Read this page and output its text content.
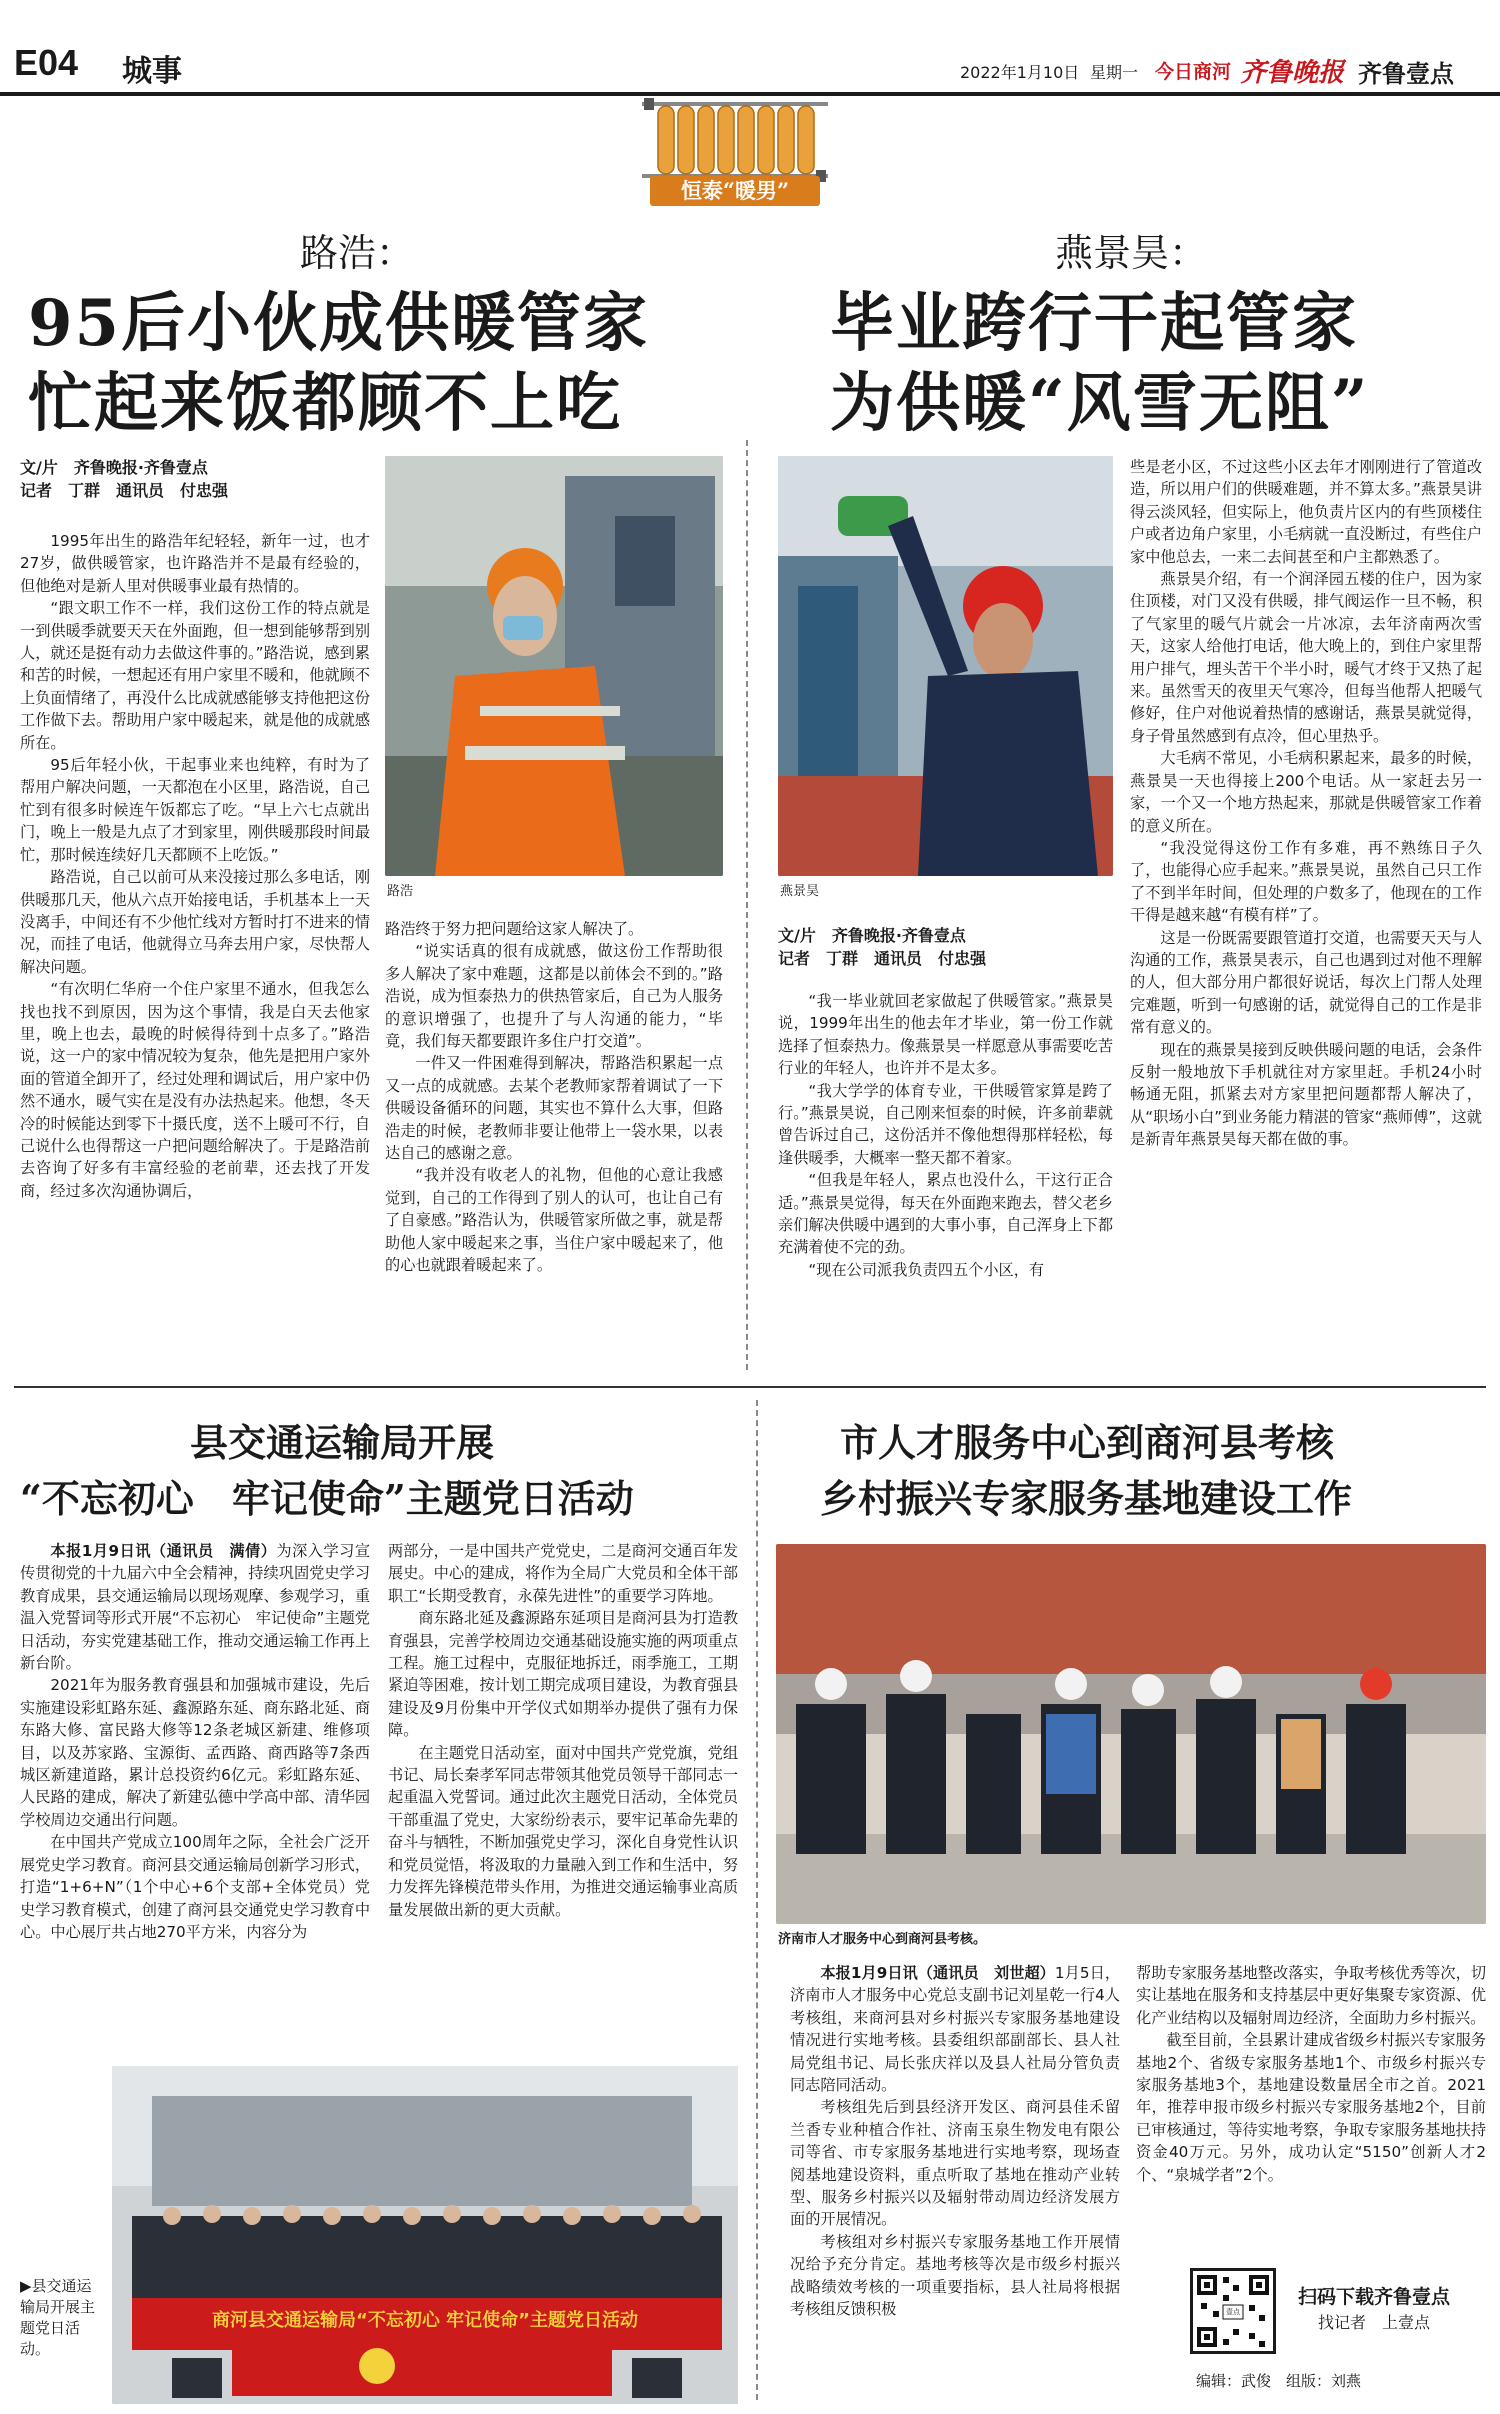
E04 城事	2022年1月10日 星期一 今日商河 齐鲁晚报 齐鲁壹点
恒泰“暖男”
路浩：
95后小伙成供暖管家
忙起来饭都顾不上吃
文/片　齐鲁晚报·齐鲁壹点
记者　丁群　通讯员　付忠强
路浩

1995年出生的路浩年纪轻轻，新年一过，也才27岁，做供暖管家，也许路浩并不是最有经验的，但他绝对是新人里对供暖事业最有热情的。

“跟文职工作不一样，我们这份工作的特点就是一到供暖季就要天天在外面跑，但一想到能够帮到别人，就还是挺有动力去做这件事的。”路浩说，感到累和苦的时候，一想起还有用户家里不暖和，他就顾不上负面情绪了，再没什么比成就感能够支持他把这份工作做下去。帮助用户家中暖起来，就是他的成就感所在。

95后年轻小伙，干起事业来也纯粹，有时为了帮用户解决问题，一天都泡在小区里，路浩说，自己忙到有很多时候连午饭都忘了吃。“早上六七点就出门，晚上一般是九点了才到家里，刚供暖那段时间最忙，那时候连续好几天都顾不上吃饭。”

路浩说，自己以前可从来没接过那么多电话，刚供暖那几天，他从六点开始接电话，手机基本上一天没离手，中间还有不少他忙线对方暂时打不进来的情况，而挂了电话，他就得立马奔去用户家，尽快帮人解决问题。

“有次明仁华府一个住户家里不通水，但我怎么找也找不到原因，因为这个事情，我是白天去他家里，晚上也去，最晚的时候得待到十点多了。”路浩说，这一户的家中情况较为复杂，他先是把用户家外面的管道全卸开了，经过处理和调试后，用户家中仍然不通水，暖气实在是没有办法热起来。他想，冬天冷的时候能达到零下十摄氏度，送不上暖可不行，自己说什么也得帮这一户把问题给解决了。于是路浩前去咨询了好多有丰富经验的老前辈，还去找了开发商，经过多次沟通协调后，

路浩终于努力把问题给这家人解决了。

“说实话真的很有成就感，做这份工作帮助很多人解决了家中难题，这都是以前体会不到的。”路浩说，成为恒泰热力的供热管家后，自己为人服务的意识增强了，也提升了与人沟通的能力，“毕竟，我们每天都要跟许多住户打交道”。

一件又一件困难得到解决，帮路浩积累起一点又一点的成就感。去某个老教师家帮着调试了一下供暖设备循环的问题，其实也不算什么大事，但路浩走的时候，老教师非要让他带上一袋水果，以表达自己的感谢之意。

“我并没有收老人的礼物，但他的心意让我感觉到，自己的工作得到了别人的认可，也让自己有了自豪感。”路浩认为，供暖管家所做之事，就是帮助他人家中暖起来之事，当住户家中暖起来了，他的心也就跟着暖起来了。

燕景昊：
毕业跨行干起管家
为供暖“风雪无阻”
燕景昊
文/片　齐鲁晚报·齐鲁壹点
记者　丁群　通讯员　付忠强

“我一毕业就回老家做起了供暖管家。”燕景昊说，1999年出生的他去年才毕业，第一份工作就选择了恒泰热力。像燕景昊一样愿意从事需要吃苦行业的年轻人，也许并不是太多。

“我大学学的体育专业，干供暖管家算是跨了行。”燕景昊说，自己刚来恒泰的时候，许多前辈就曾告诉过自己，这份活并不像他想得那样轻松，每逢供暖季，大概率一整天都不着家。

“但我是年轻人，累点也没什么，干这行正合适。”燕景昊觉得，每天在外面跑来跑去，替父老乡亲们解决供暖中遇到的大事小事，自己浑身上下都充满着使不完的劲。

“现在公司派我负责四五个小区，有

些是老小区，不过这些小区去年才刚刚进行了管道改造，所以用户们的供暖难题，并不算太多。”燕景昊讲得云淡风轻，但实际上，他负责片区内的有些顶楼住户或者边角户家里，小毛病就一直没断过，有些住户家中他总去，一来二去间甚至和户主都熟悉了。

燕景昊介绍，有一个润泽园五楼的住户，因为家住顶楼，对门又没有供暖，排气阀运作一旦不畅，积了气家里的暖气片就会一片冰凉，去年济南两次雪天，这家人给他打电话，他大晚上的，到住户家里帮用户排气，埋头苦干个半小时，暖气才终于又热了起来。虽然雪天的夜里天气寒冷，但每当他帮人把暖气修好，住户对他说着热情的感谢话，燕景昊就觉得，身子骨虽然感到有点冷，但心里热乎。

大毛病不常见，小毛病积累起来，最多的时候，燕景昊一天也得接上200个电话。从一家赶去另一家，一个又一个地方热起来，那就是供暖管家工作着的意义所在。

“我没觉得这份工作有多难，再不熟练日子久了，也能得心应手起来。”燕景昊说，虽然自己只工作了不到半年时间，但处理的户数多了，他现在的工作干得是越来越“有模有样”了。

这是一份既需要跟管道打交道，也需要天天与人沟通的工作，燕景昊表示，自己也遇到过对他不理解的人，但大部分用户都很好说话，每次上门帮人处理完难题，听到一句感谢的话，就觉得自己的工作是非常有意义的。

现在的燕景昊接到反映供暖问题的电话，会条件反射一般地放下手机就往对方家里赶。手机24小时畅通无阻，抓紧去对方家里把问题都帮人解决了，从“职场小白”到业务能力精湛的管家“燕师傅”，这就是新青年燕景昊每天都在做的事。

县交通运输局开展
“不忘初心　牢记使命”主题党日活动

本报1月9日讯（通讯员　满倩）为深入学习宣传贯彻党的十九届六中全会精神，持续巩固党史学习教育成果，县交通运输局以现场观摩、参观学习，重温入党誓词等形式开展“不忘初心　牢记使命”主题党日活动，夯实党建基础工作，推动交通运输工作再上新台阶。

2021年为服务教育强县和加强城市建设，先后实施建设彩虹路东延、鑫源路东延、商东路北延、商东路大修、富民路大修等12条老城区新建、维修项目，以及苏家路、宝源街、孟西路、商西路等7条西城区新建道路，累计总投资约6亿元。彩虹路东延、人民路的建成，解决了新建弘德中学高中部、清华园学校周边交通出行问题。

在中国共产党成立100周年之际，全社会广泛开展党史学习教育。商河县交通运输局创新学习形式，打造“1+6+N”（1个中心+6个支部+全体党员）党史学习教育模式，创建了商河县交通党史学习教育中心。中心展厅共占地270平方米，内容分为

两部分，一是中国共产党党史，二是商河交通百年发展史。中心的建成，将作为全局广大党员和全体干部职工“长期受教育，永葆先进性”的重要学习阵地。

商东路北延及鑫源路东延项目是商河县为打造教育强县，完善学校周边交通基础设施实施的两项重点工程。施工过程中，克服征地拆迁，雨季施工，工期紧迫等困难，按计划工期完成项目建设，为教育强县建设及9月份集中开学仪式如期举办提供了强有力保障。

在主题党日活动室，面对中国共产党党旗，党组书记、局长秦孝军同志带领其他党员领导干部同志一起重温入党誓词。通过此次主题党日活动，全体党员干部重温了党史，大家纷纷表示，要牢记革命先辈的奋斗与牺牲，不断加强党史学习，深化自身党性认识和党员觉悟，将汲取的力量融入到工作和生活中，努力发挥先锋模范带头作用，为推进交通运输事业高质量发展做出新的更大贡献。

商河县交通运输局“不忘初心 牢记使命”主题党日活动
▶县交通运输局开展主题党日活动。
市人才服务中心到商河县考核
乡村振兴专家服务基地建设工作
济南市人才服务中心到商河县考核。

本报1月9日讯（通讯员　刘世超）1月5日，济南市人才服务中心党总支副书记刘星乾一行4人考核组，来商河县对乡村振兴专家服务基地建设情况进行实地考核。县委组织部副部长、县人社局党组书记、局长张庆祥以及县人社局分管负责同志陪同活动。

考核组先后到县经济开发区、商河县佳禾留兰香专业种植合作社、济南玉泉生物发电有限公司等省、市专家服务基地进行实地考察，现场查阅基地建设资料，重点听取了基地在推动产业转型、服务乡村振兴以及辐射带动周边经济发展方面的开展情况。

考核组对乡村振兴专家服务基地工作开展情况给予充分肯定。基地考核等次是市级乡村振兴战略绩效考核的一项重要指标，县人社局将根据考核组反馈积极

帮助专家服务基地整改落实，争取考核优秀等次，切实让基地在服务和支持基层中更好集聚专家资源、优化产业结构以及辐射周边经济，全面助力乡村振兴。

截至目前，全县累计建成省级乡村振兴专家服务基地2个、省级专家服务基地1个、市级乡村振兴专家服务基地3个，基地建设数量居全市之首。2021年，推荐申报市级乡村振兴专家服务基地2个，目前已审核通过，等待实地考察，争取专家服务基地扶持资金40万元。另外，成功认定“5150”创新人才2个、“泉城学者”2个。

壹点
扫码下载齐鲁壹点
找记者　上壹点
编辑：武俊　组版：刘燕
